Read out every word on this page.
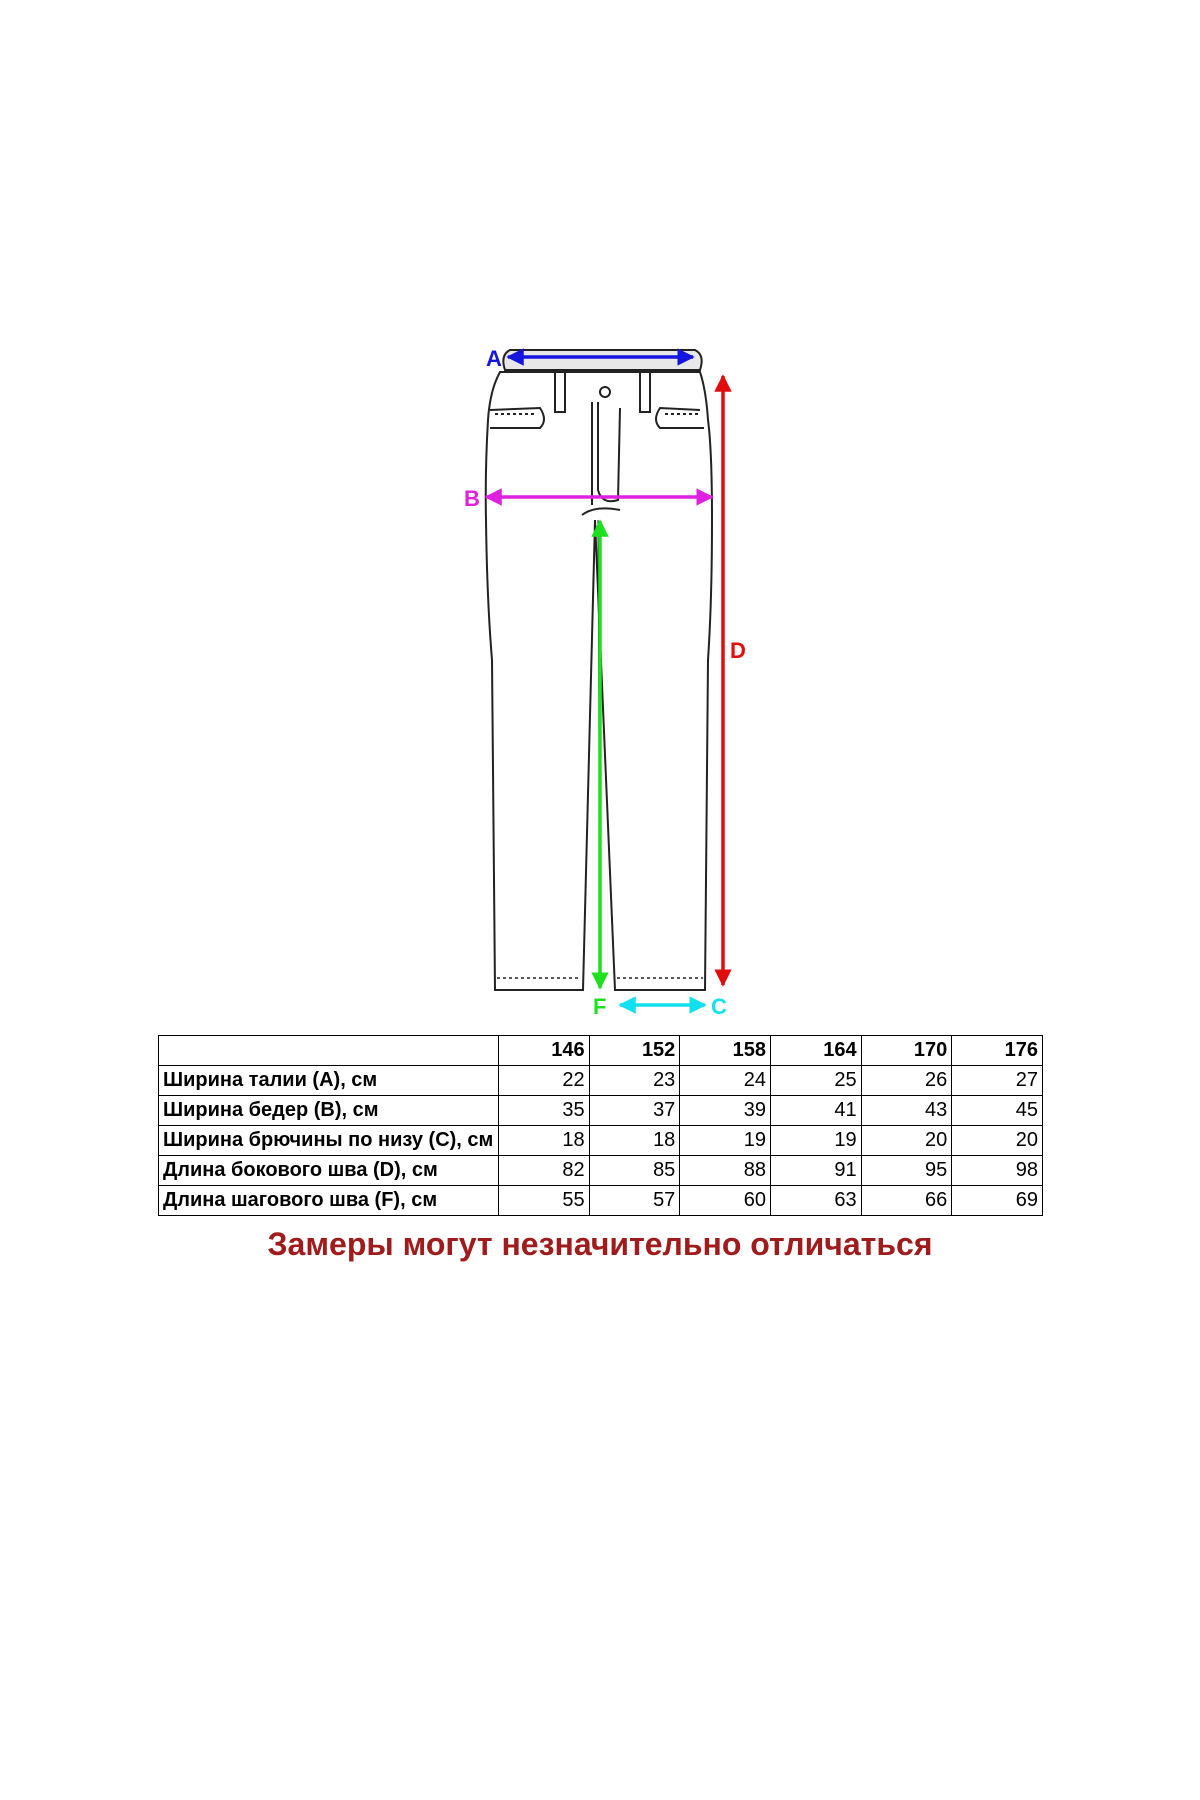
A
B
D
F	C
	146	152	158	164	170	176
Ширина талии (A), см	22	23	24	25	26	27
Ширина бедер (B), см	35	37	39	41	43	45
Ширина брючины по низу (C), см	18	18	19	19	20	20
Длина бокового шва (D), см	82	85	88	91	95	98
Длина шагового шва (F), см	55	57	60	63	66	69
Замеры могут незначительно отличаться
